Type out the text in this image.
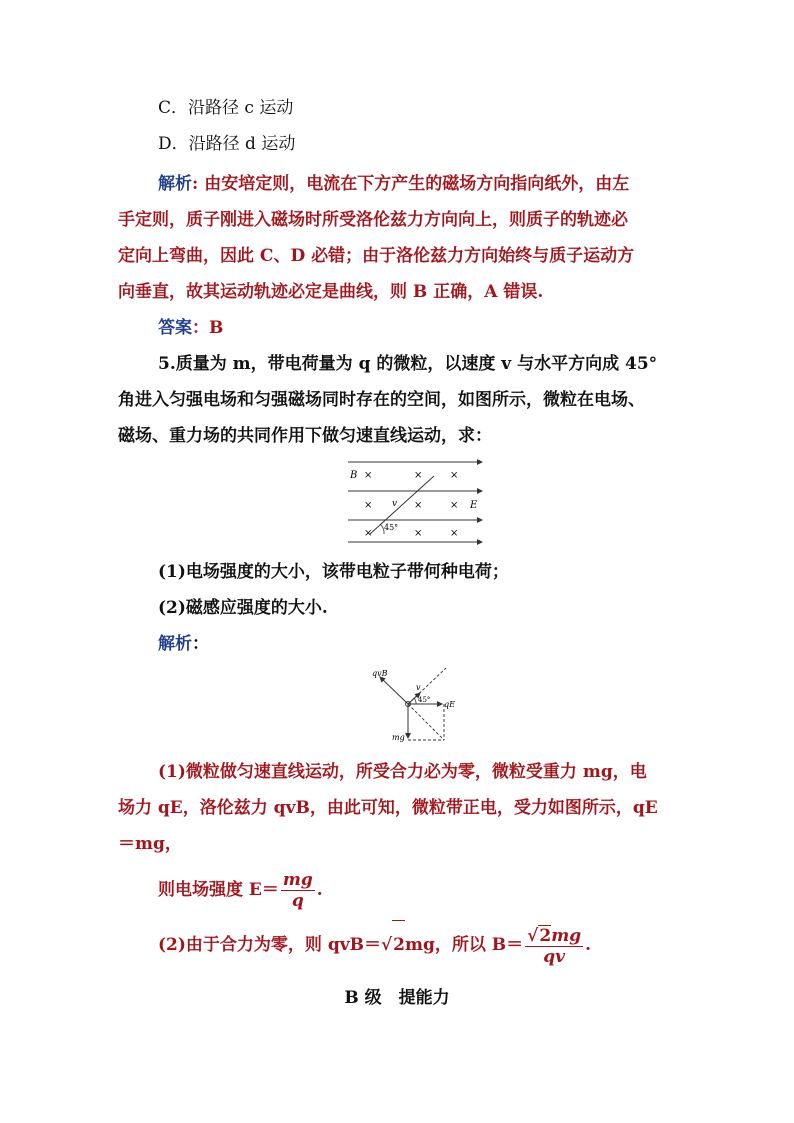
C．沿路径 c 运动
D．沿路径 d 运动
解析: 由安培定则，电流在下方产生的磁场方向指向纸外，由左
手定则，质子刚进入磁场时所受洛伦兹力方向向上，则质子的轨迹必
定向上弯曲，因此 C、D 必错；由于洛伦兹力方向始终与质子运动方
向垂直，故其运动轨迹必定是曲线，则 B 正确，A 错误.
答案：B
5.质量为 m，带电荷量为 q 的微粒，以速度 v 与水平方向成 45°
角进入匀强电场和匀强磁场同时存在的空间，如图所示，微粒在电场、
磁场、重力场的共同作用下做匀速直线运动，求：
B ×	×	×
×	×	× E
v
×	×
×
45°
(1)电场强度的大小，该带电粒子带何种电荷；
(2)磁感应强度的大小.
解析：
v
qvB
qE
mg
45°
(1)微粒做匀速直线运动，所受合力必为零，微粒受重力 mg，电
场力 qE，洛伦兹力 qvB，由此可知，微粒带正电，受力如图所示，qE
＝mg，
则电场强度 $E= \frac{mg}{q}$ .
(2)由于合力为零，则 qvB＝√2mg，所以 $B= \frac{√2mg}{qv}$ .
B 级　提能力
